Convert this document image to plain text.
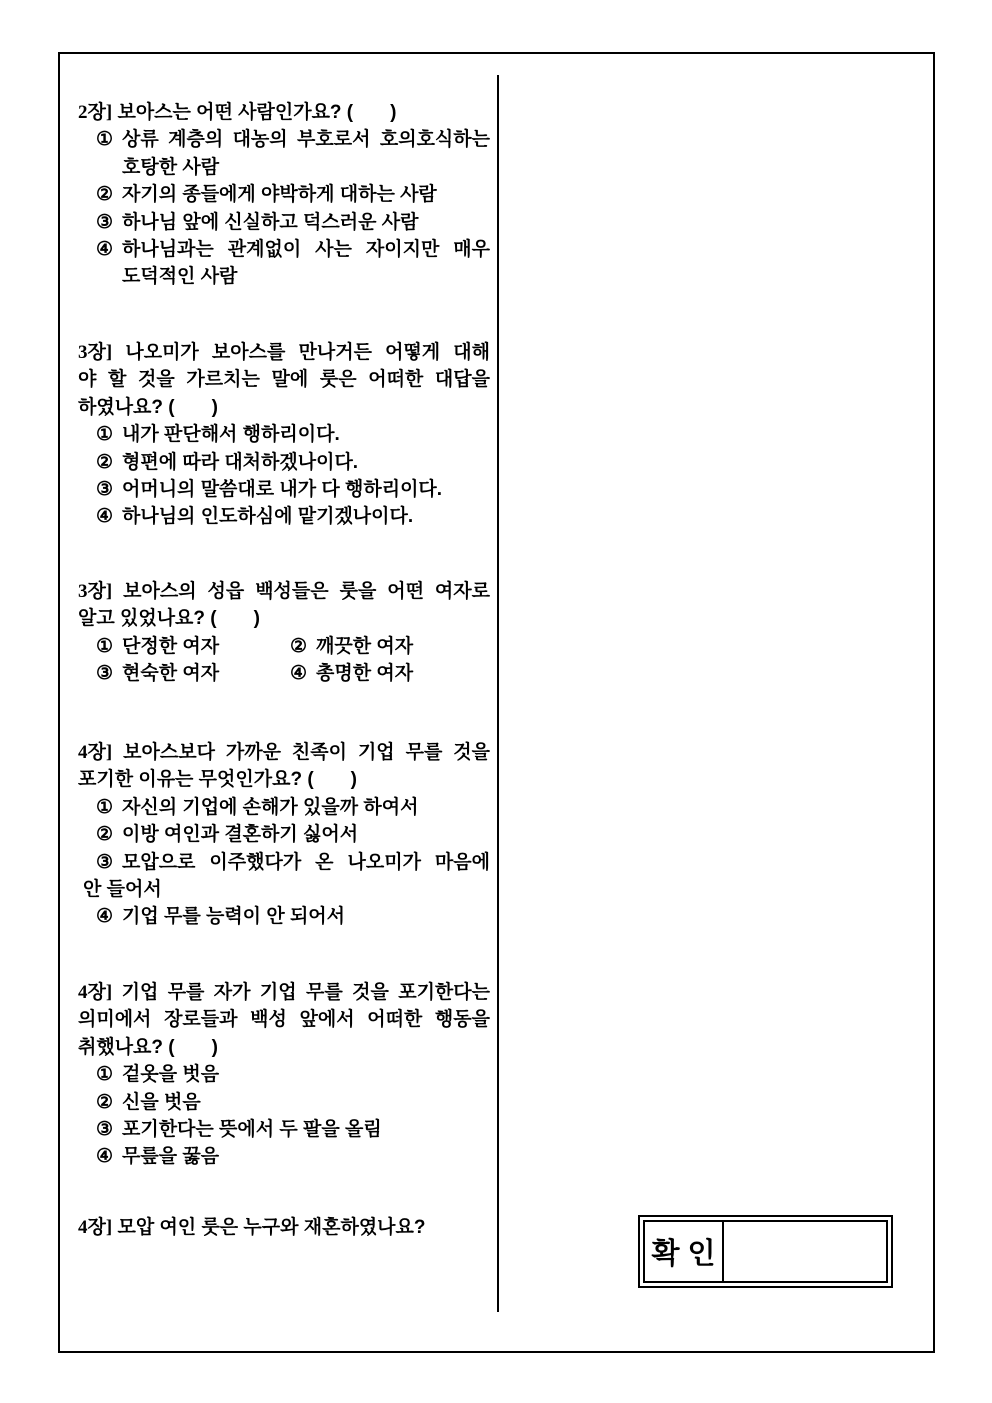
2장] 보아스는 어떤 사람인가요? (       )
① 상류 계층의 대농의 부호로서 호의호식하는
호탕한 사람
② 자기의 종들에게 야박하게 대하는 사람
③ 하나님 앞에 신실하고 덕스러운 사람
④ 하나님과는 관계없이 사는 자이지만 매우
도덕적인 사람
3장] 나오미가 보아스를 만나거든 어떻게 대해
야 할 것을 가르치는 말에 룻은 어떠한 대답을
하였나요? (       )
① 내가 판단해서 행하리이다.
② 형편에 따라 대처하겠나이다.
③ 어머니의 말씀대로 내가 다 행하리이다.
④ 하나님의 인도하심에 맡기겠나이다.
3장] 보아스의 성읍 백성들은 룻을 어떤 여자로
알고 있었나요? (       )
① 단정한 여자	② 깨끗한 여자
③ 현숙한 여자	④ 총명한 여자
4장] 보아스보다 가까운 친족이 기업 무를 것을
포기한 이유는 무엇인가요? (       )
① 자신의 기업에 손해가 있을까 하여서
② 이방 여인과 결혼하기 싫어서
③ 모압으로 이주했다가 온 나오미가 마음에
안 들어서
④ 기업 무를 능력이 안 되어서
4장] 기업 무를 자가 기업 무를 것을 포기한다는
의미에서 장로들과 백성 앞에서 어떠한 행동을
취했나요? (       )
① 겉옷을 벗음
② 신을 벗음
③ 포기한다는 뜻에서 두 팔을 올림
④ 무릎을 꿇음
4장] 모압 여인 룻은 누구와 재혼하였나요?
확 인
